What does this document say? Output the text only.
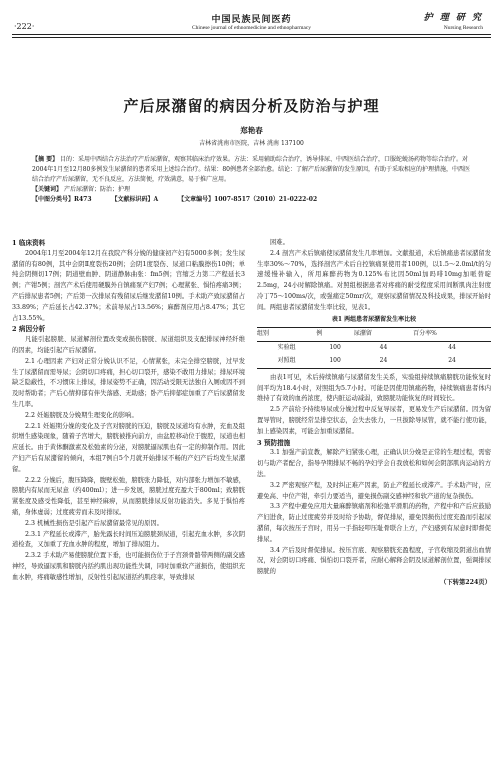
·222·
中国民族民间医药
Chinese journal of ethnomedicine and ethnopharmacy
护 理 研 究
Nursing Research
产后尿潴留的病因分析及防治与护理
郑艳春
吉林省洮南市医院，吉林 洮南 137100
【摘 要】 目的：采用中西结合方法治疗产后尿潴留，观察其临床治疗效果。方法：采用辅助综合治疗，诱导排尿、中西医结合治疗，口服蛇蜕汤药物等综合治疗。对2004年1月至12月80多例发生尿潴留的患者采用上述综合治疗。结果：80例患者全部治愈。结论：了解产后尿潴留的发生原因，有助于采取相应的护理措施，中西医结合治疗产后尿潴留，无不良反应，方法简便，疗效满意，易于推广应用。
【关键词】 产后尿潴留；防治；护理
【中图分类号】R473	【文献标识码】A	【文章编号】1007-8517（2010）21-0222-02
1 临床资料

2004年1月至2004年12月在我院产科分娩的健康初产妇有5000多例；发生尿潴留的有80例，其中会阴Ⅱ度裂伤20例；会阴1度裂伤、尿道口粘膜擦伤10例；单纯会阴侧切17例；阴道壁血肿、阴道静脉曲张：fm5例；宫缩乏力第二产程延长3例；产钳5例；剖宫产术后使用硬膜外自镇痛泵产妇7例；心理紧张、惧怕疼痛3例；产后排尿患者5例；产后第一次排尿有残留尿后继发潴留10例。手术助产致尿潴留占33.89%；产后延长占42.37%；术前导尿占13.56%；麻醉剂应用占8.47%；其它占13.55%。

2 病因分析

凡能引起膀胱、尿道解剖位置改变或损伤膀胱、尿道组织及支配排尿神经纤维的因素，均能引起产后尿潴留。

2.1 心理因素 产妇对正常分娩认识不足，心情紧张，未完全排空膀胱，过早发生了尿潴留而需导尿；会阴切口疼痛，担心切口裂开，感染不敢用力排尿；排尿环境缺乏隐蔽性，不习惯床上排尿，排尿姿势不正确，因活动受限无法独自入厕或因不到及时帮助者；产后心情抑郁有伴失落感、无助感；卧产后抑郁症加重了产后尿潴留发生几率。

2.2 妊娠膀胱及分娩期生理变化的影响。

2.2.1 妊娠期分娩的变化及子宫对膀胱的压迫，膀胱及尿道均有水肿，充血及组织增生感染现象，随着子宫增大，膀胱被推向前方，由盆腔移动位于腹腔，尿道也相应延长。由于黄体酮激素及松弛素的分泌，对膀胱逼尿肌也有一定的抑制作用。因此产妇产后有尿潴留的倾向，本组7例自5个月就开始排尿不畅的产妇产后均发生尿潴留。

2.2.2 分娩后，腹压降降，腹壁松弛，膀胱张力降低，对内部张力增加不敏感，膀胱内有尿而无尿意（约400ml）；进一步发展，膀胱过度充盈大于800ml；致膀胱紧张度及感受性降低，甚至神经麻痹，从而膀胱排尿反射功能消失。多见于惧怕疼痛，身体虚弱；过度疲劳而未及时排尿。

2.3 机械性损伤是引起产后尿潴留最常见的原因。

2.3.1 产程延长或滞产，胎先露长时间压迫膀胱颈尿道，引起充血水肿，多次阴道检查，又加重了充血水肿的程度，增加了排尿阻力。

2.3.2 手术助产易使膀胱位置下垂，也可能损伤位于子宫颈骨骼带两侧的副交感神经，导致逼尿肌和膀胱内括约肌出现功能性失调，同时加重软产道损伤，使组织充血水肿，疼痛敏感性增加，反射性引起尿道括约肌痉挛，导致排尿

困难。

2.4 剖宫产术后镇痛使尿潴留发生几率增加。文献报道，术后镇痛患者尿潴留发生率30%～70%，选择剖宫产术后自控镇痛泵使用者100例，以1.5～2.0ml/t的匀速缓慢补输入，所用麻醉药物为0.125%布比因50ml加吗啡10mg加哌替啶2.5mg，24小时解除镇痛。对照组根据患者对疼痛的耐受程度采用间断肌肉注射度冷丁75～100ms/次，或强痛定50mr/次，观察尿潴留情况及科技成果，排尿开始时间。两组患者尿潴留发生率比较，见表1。

表1 两组患者尿潴留发生率比较
组别	例	尿潴留	百分率%
实验组	100	44	44
对照组	100	24	24

由表1可见，术后持续镇痛与尿潴留发生关系，实验组持续镇痛膀胱功能恢复时间平均为18.4小时，对照组为5.7小时。可能是因使用镇痛药物，持续镇痛患者体内维持了有效的血药浓度，使内脏运动减弱，致膀胱功能恢复的时间较长。

2.5 产前给予持续导尿或分娩过程中反复导尿者，更易发生产后尿潴留。因为留置导管时，膀胱经常呈排空状态，会失去张力，一旦拔除导尿管，就不能行使功能，加上感染因素，可能会加重尿潴留。

3 预防措施

3.1 加强产前宣教，解除产妇紧张心理，正确认识分娩是正常的生理过程，需密切与助产者配合，指导孕期排尿不畅的孕妇学会自我放松和如何会阴部肌肉运动的方法。

3.2 严密观察产程，及时纠正难产因素，防止产程延长或滞产。手术助产时，应避免高、中位产钳，牵引力要适当，避免损伤副交感神经和软产道的复杂损伤。

3.3 产程中避免应用大量麻醉镇痛剂和松弛平滑肌的药物，产程中和产后应鼓励产妇进食，防止过度疲劳并及时给予协助，督促排尿，避免因损伤过度充盈而引起尿潴留，每次按压子宫时，用另一手指轻叩压耻骨联合上方，产妇感到有尿意时即督促排尿。

3.4 产后及时督促排尿。按压宫底、观察膀胱充盈程度，子宫收缩及阴道出血情况，对会阴切口疼痛、惧怕切口裂开者，应耐心解释会阴及尿道解剖位置，强调排尿膀胱的

（下转第224页）
